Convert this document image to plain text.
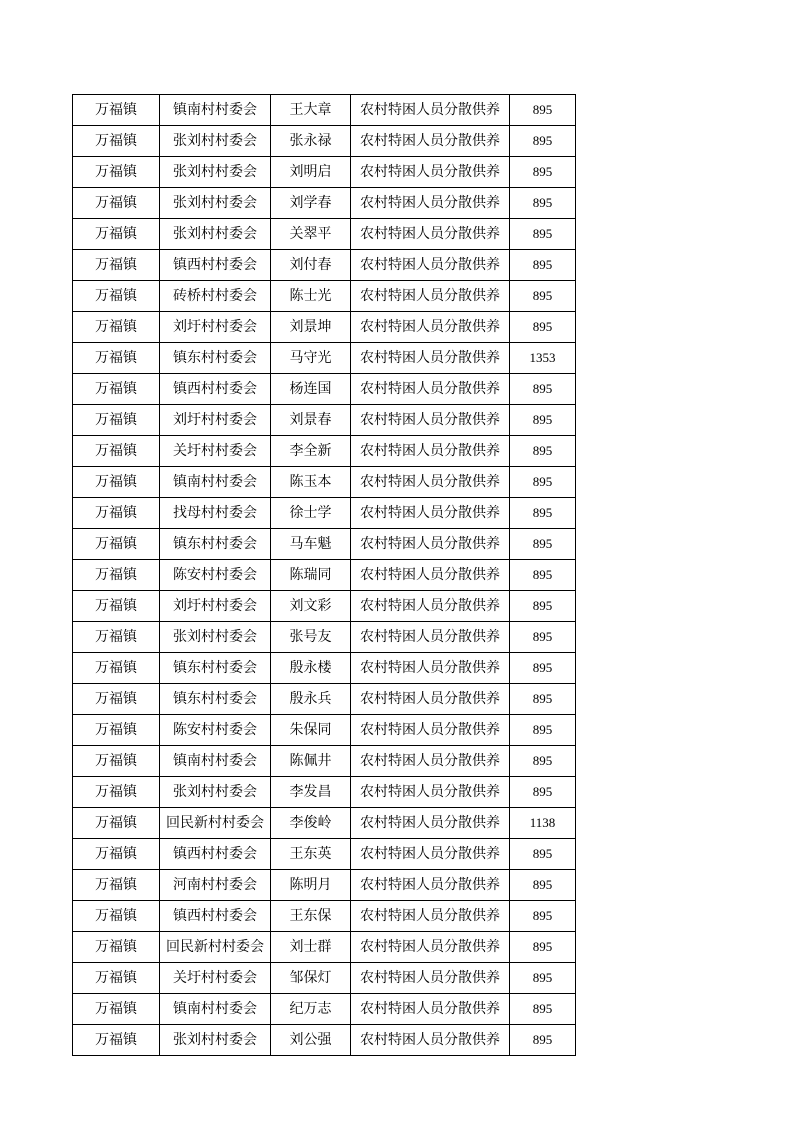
万福镇	镇南村村委会	王大章	农村特困人员分散供养	895
万福镇	张刘村村委会	张永禄	农村特困人员分散供养	895
万福镇	张刘村村委会	刘明启	农村特困人员分散供养	895
万福镇	张刘村村委会	刘学春	农村特困人员分散供养	895
万福镇	张刘村村委会	关翠平	农村特困人员分散供养	895
万福镇	镇西村村委会	刘付春	农村特困人员分散供养	895
万福镇	砖桥村村委会	陈士光	农村特困人员分散供养	895
万福镇	刘圩村村委会	刘景坤	农村特困人员分散供养	895
万福镇	镇东村村委会	马守光	农村特困人员分散供养	1353
万福镇	镇西村村委会	杨连国	农村特困人员分散供养	895
万福镇	刘圩村村委会	刘景春	农村特困人员分散供养	895
万福镇	关圩村村委会	李全新	农村特困人员分散供养	895
万福镇	镇南村村委会	陈玉本	农村特困人员分散供养	895
万福镇	找母村村委会	徐士学	农村特困人员分散供养	895
万福镇	镇东村村委会	马车魁	农村特困人员分散供养	895
万福镇	陈安村村委会	陈瑞同	农村特困人员分散供养	895
万福镇	刘圩村村委会	刘文彩	农村特困人员分散供养	895
万福镇	张刘村村委会	张号友	农村特困人员分散供养	895
万福镇	镇东村村委会	殷永楼	农村特困人员分散供养	895
万福镇	镇东村村委会	殷永兵	农村特困人员分散供养	895
万福镇	陈安村村委会	朱保同	农村特困人员分散供养	895
万福镇	镇南村村委会	陈佩井	农村特困人员分散供养	895
万福镇	张刘村村委会	李发昌	农村特困人员分散供养	895
万福镇	回民新村村委会	李俊岭	农村特困人员分散供养	1138
万福镇	镇西村村委会	王东英	农村特困人员分散供养	895
万福镇	河南村村委会	陈明月	农村特困人员分散供养	895
万福镇	镇西村村委会	王东保	农村特困人员分散供养	895
万福镇	回民新村村委会	刘士群	农村特困人员分散供养	895
万福镇	关圩村村委会	邹保灯	农村特困人员分散供养	895
万福镇	镇南村村委会	纪万志	农村特困人员分散供养	895
万福镇	张刘村村委会	刘公强	农村特困人员分散供养	895
